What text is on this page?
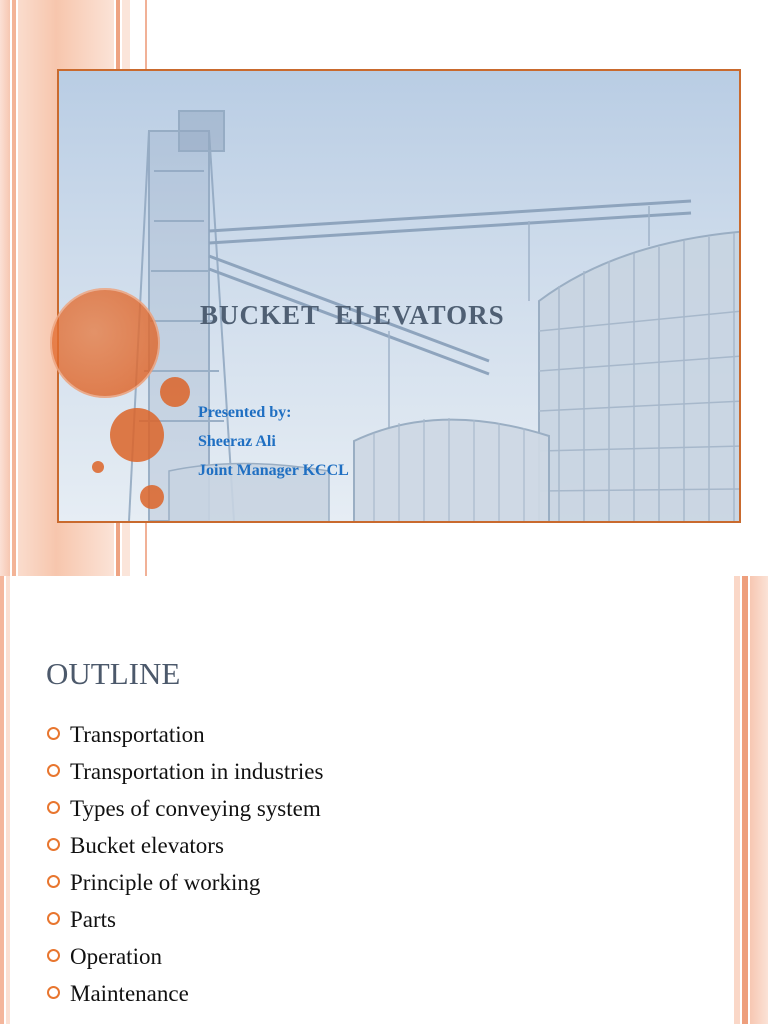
BUCKET  ELEVATORS
Presented by:
Sheeraz Ali
Joint Manager KCCL
OUTLINE
Transportation
Transportation in industries
Types of conveying system
Bucket elevators
Principle of working
Parts
Operation
Maintenance
